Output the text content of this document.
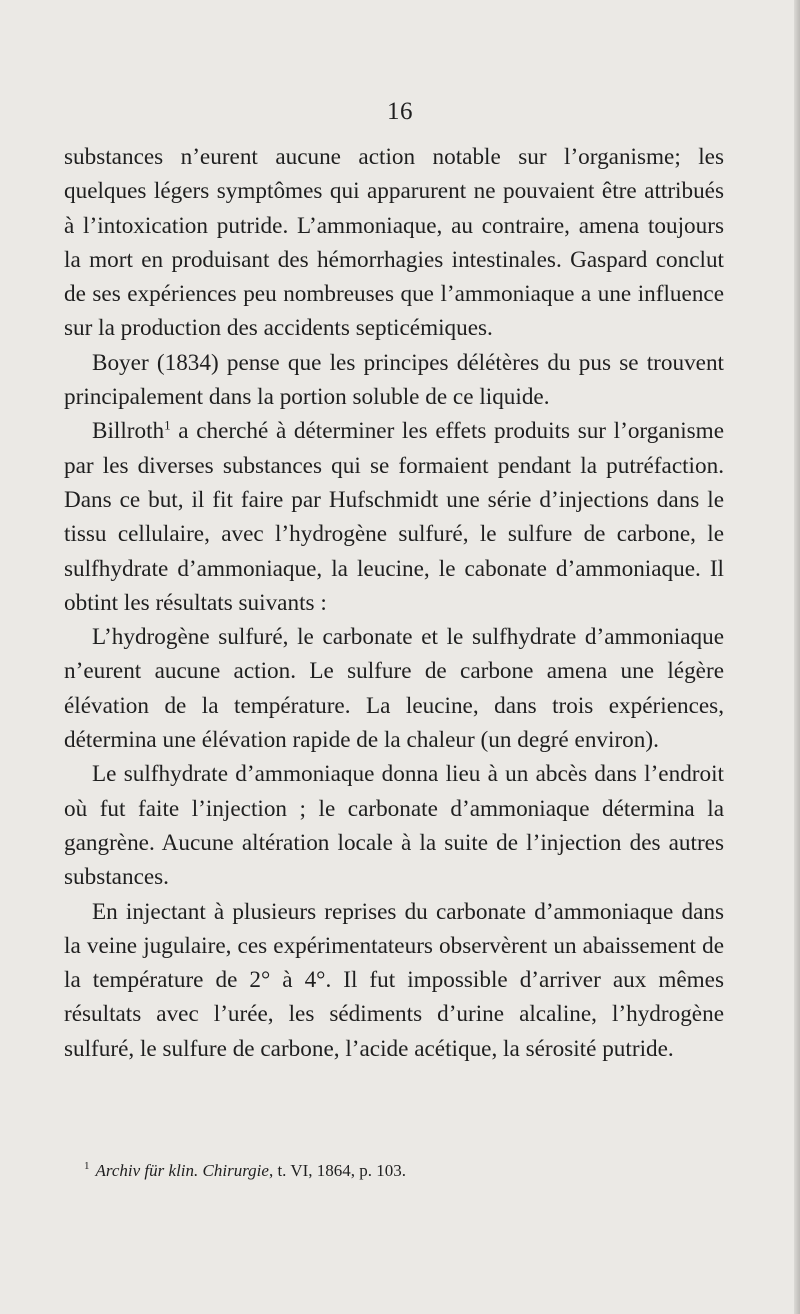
16

substances n’eurent aucune action notable sur l’organisme; les quelques légers symptômes qui apparurent ne pouvaient être attribués à l’intoxication putride. L’ammoniaque, au contraire, amena toujours la mort en produisant des hémorrhagies intestinales. Gaspard conclut de ses expériences peu nombreuses que l’ammoniaque a une influence sur la production des accidents septicémiques.

Boyer (1834) pense que les principes délétères du pus se trouvent principalement dans la portion soluble de ce liquide.

Billroth$^1$ a cherché à déterminer les effets produits sur l’organisme par les diverses substances qui se formaient pendant la putréfaction. Dans ce but, il fit faire par Hufschmidt une série d’injections dans le tissu cellulaire, avec l’hydrogène sulfuré, le sulfure de carbone, le sulfhydrate d’ammoniaque, la leucine, le cabonate d’ammoniaque. Il obtint les résultats suivants :

L’hydrogène sulfuré, le carbonate et le sulfhydrate d’ammoniaque n’eurent aucune action. Le sulfure de carbone amena une légère élévation de la température. La leucine, dans trois expériences, détermina une élévation rapide de la chaleur (un degré environ).

Le sulfhydrate d’ammoniaque donna lieu à un abcès dans l’endroit où fut faite l’injection ; le carbonate d’ammoniaque détermina la gangrène. Aucune altération locale à la suite de l’injection des autres substances.

En injectant à plusieurs reprises du carbonate d’ammoniaque dans la veine jugulaire, ces expérimentateurs observèrent un abaissement de la température de 2° à 4°. Il fut impossible d’arriver aux mêmes résultats avec l’urée, les sédiments d’urine alcaline, l’hydrogène sulfuré, le sulfure de carbone, l’acide acétique, la sérosité putride.

$^1$ Archiv für klin. Chirurgie, t. VI, 1864, p. 103.
